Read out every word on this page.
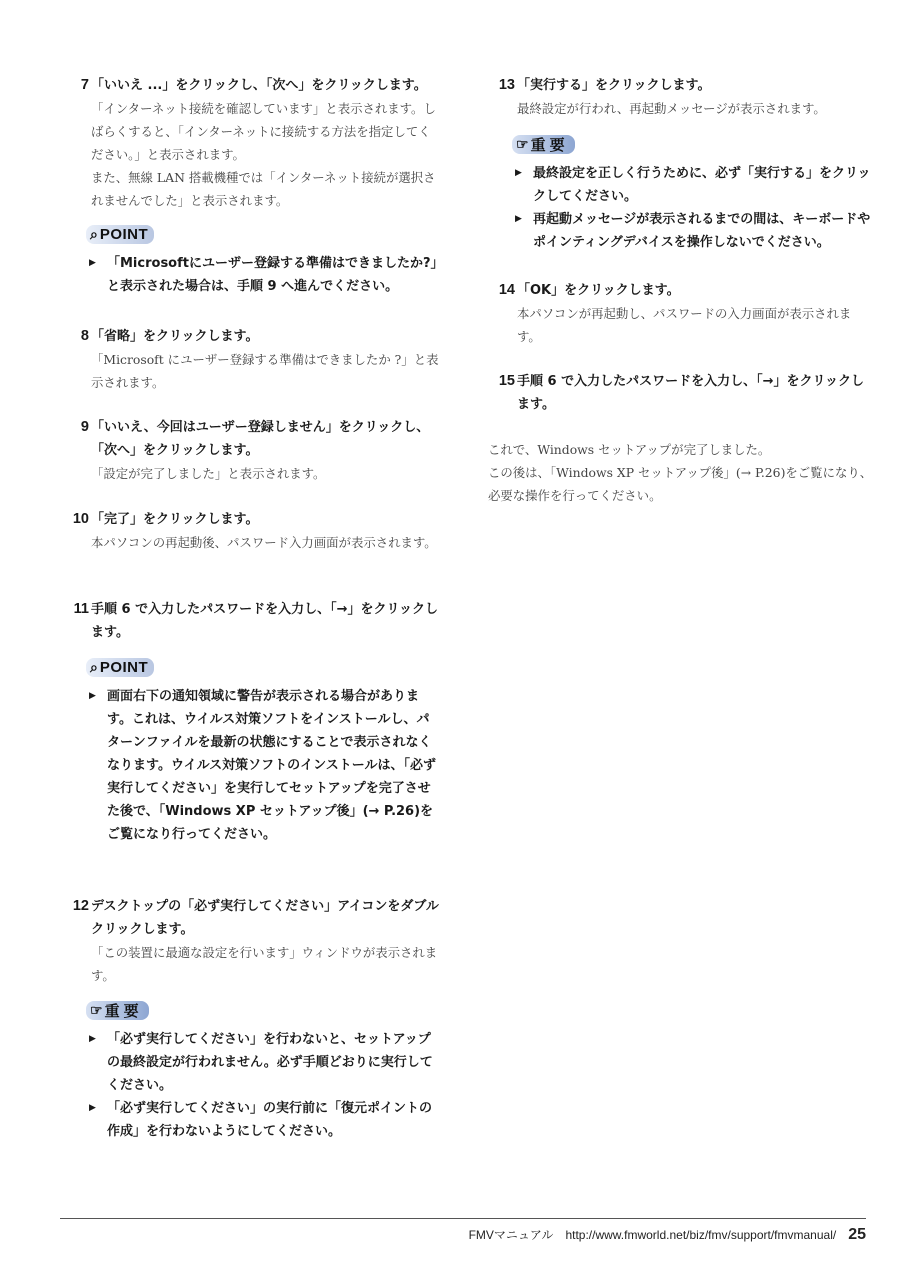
7 「いいえ ...」をクリックし、「次へ」をクリックします。
「インターネット接続を確認しています」と表示されます。しばらくすると、「インターネットに接続する方法を指定してください。」と表示されます。
また、無線 LAN 搭載機種では「インターネット接続が選択されませんでした」と表示されます。
⌕ POINT
▶ 「Microsoftにユーザー登録する準備はできましたか?」と表示された場合は、手順 9 へ進んでください。
8 「省略」をクリックします。
「Microsoft にユーザー登録する準備はできましたか ?」と表示されます。
9 「いいえ、今回はユーザー登録しません」をクリックし、「次へ」をクリックします。
「設定が完了しました」と表示されます。
10 「完了」をクリックします。
本パソコンの再起動後、パスワード入力画面が表示されます。
11 手順 6 で入力したパスワードを入力し、「→」をクリックします。
⌕ POINT
▶ 画面右下の通知領域に警告が表示される場合があります。これは、ウイルス対策ソフトをインストールし、パターンファイルを最新の状態にすることで表示されなくなります。ウイルス対策ソフトのインストールは、「必ず実行してください」を実行してセットアップを完了させた後で、「Windows XP セットアップ後」(→ P.26)をご覧になり行ってください。
12 デスクトップの「必ず実行してください」アイコンをダブルクリックします。
「この装置に最適な設定を行います」ウィンドウが表示されます。
☞ 重要
▶ 「必ず実行してください」を行わないと、セットアップの最終設定が行われません。必ず手順どおりに実行してください。
▶ 「必ず実行してください」の実行前に「復元ポイントの作成」を行わないようにしてください。
13 「実行する」をクリックします。
最終設定が行われ、再起動メッセージが表示されます。
☞ 重要
▶ 最終設定を正しく行うために、必ず「実行する」をクリックしてください。
▶ 再起動メッセージが表示されるまでの間は、キーボードやポインティングデバイスを操作しないでください。
14 「OK」をクリックします。
本パソコンが再起動し、パスワードの入力画面が表示されます。
15 手順 6 で入力したパスワードを入力し、「→」をクリックします。
これで、Windows セットアップが完了しました。
この後は、「Windows XP セットアップ後」(→ P.26)をご覧になり、必要な操作を行ってください。
FMVマニュアル http://www.fmworld.net/biz/fmv/support/fmvmanual/ 25
